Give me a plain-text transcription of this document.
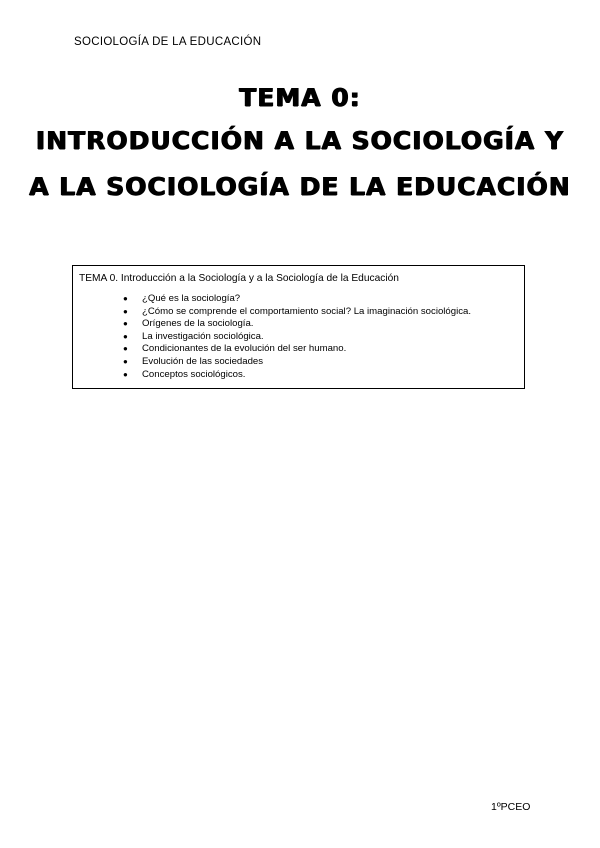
SOCIOLOGÍA DE LA EDUCACIÓN
TEMA 0:
INTRODUCCIÓN A LA SOCIOLOGÍA Y
A LA SOCIOLOGÍA DE LA EDUCACIÓN
TEMA 0. Introducción a la Sociología y a la Sociología de la Educación
● ¿Qué es la sociología?
● ¿Cómo se comprende el comportamiento social? La imaginación sociológica.
● Orígenes de la sociología.
● La investigación sociológica.
● Condicionantes de la evolución del ser humano.
● Evolución de las sociedades
● Conceptos sociológicos.
1ºPCEO
